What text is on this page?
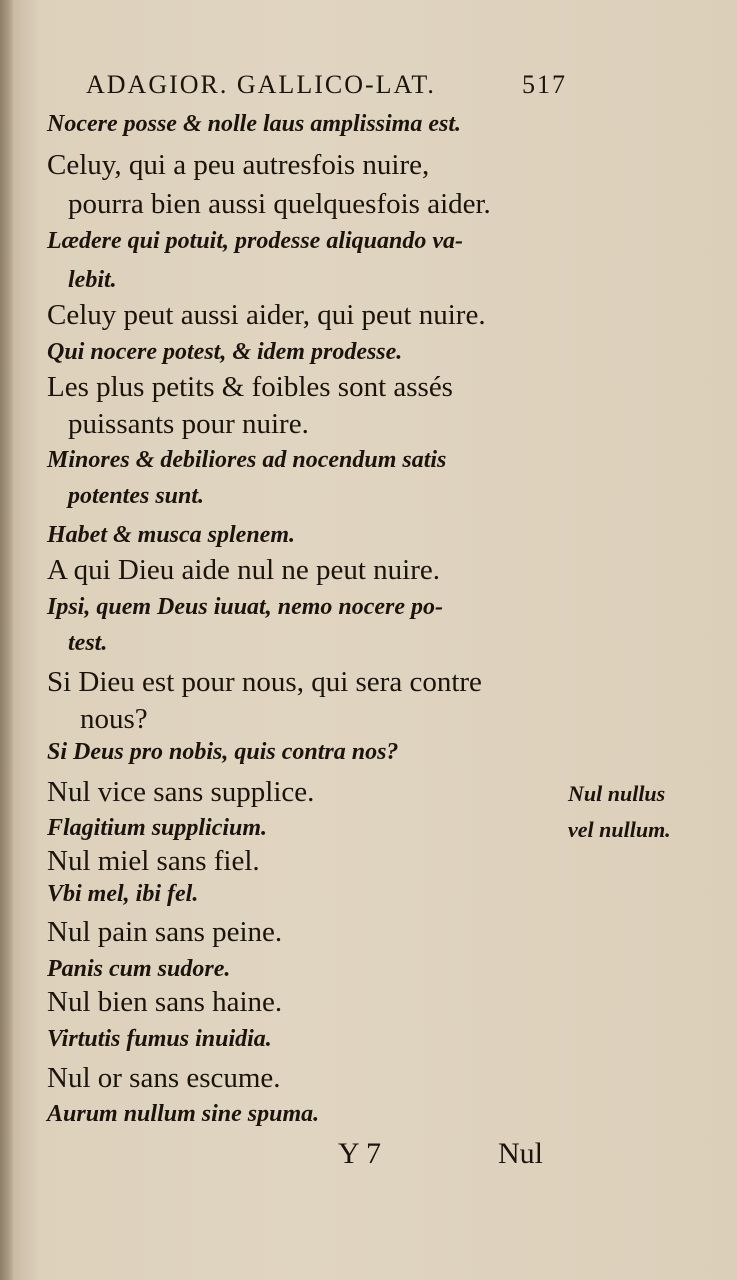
ADAGIOR. GALLICO-LAT.	517
Nocere posse & nolle laus amplissima est.
Celuy, qui a peu autresfois nuire,
pourra bien aussi quelquesfois aider.
Lædere qui potuit, prodesse aliquando va-
lebit.
Celuy peut aussi aider, qui peut nuire.
Qui nocere potest, & idem prodesse.
Les plus petits & foibles sont assés
puissants pour nuire.
Minores & debiliores ad nocendum satis
potentes sunt.
Habet & musca splenem.
A qui Dieu aide nul ne peut nuire.
Ipsi, quem Deus iuuat, nemo nocere po-
test.
Si Dieu est pour nous, qui sera contre
nous?
Si Deus pro nobis, quis contra nos?
Nul vice sans supplice.
Flagitium supplicium.
Nul miel sans fiel.
Vbi mel, ibi fel.
Nul pain sans peine.
Panis cum sudore.
Nul bien sans haine.
Virtutis fumus inuidia.
Nul or sans escume.
Aurum nullum sine spuma.
Nul nullus
vel nullum.
Y 7	Nul
